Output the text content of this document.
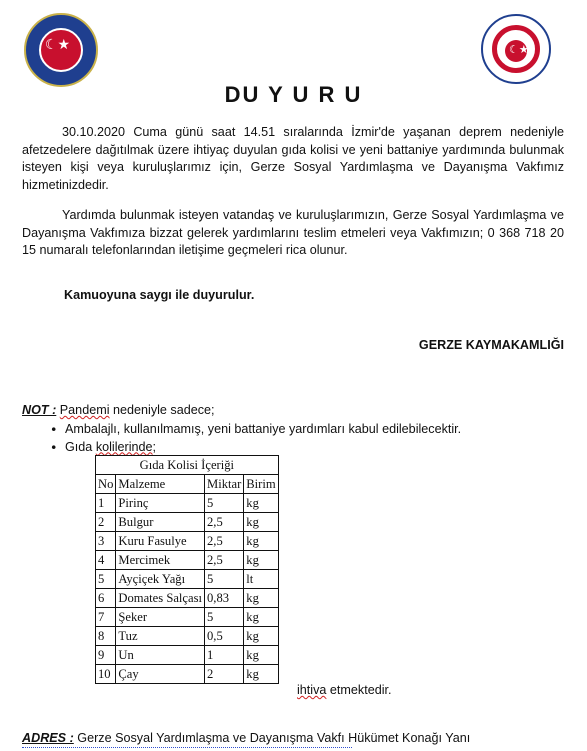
☾★	☾★
DU Y U R U

30.10.2020 Cuma günü saat 14.51 sıralarında İzmir'de yaşanan deprem nedeniyle afetzedelere dağıtılmak üzere ihtiyaç duyulan gıda kolisi ve yeni battaniye yardımında bulunmak isteyen kişi veya kuruluşlarımız için, Gerze Sosyal Yardımlaşma ve Dayanışma Vakfımız hizmetinizdedir.

Yardımda bulunmak isteyen vatandaş ve kuruluşlarımızın, Gerze Sosyal Yardımlaşma ve Dayanışma Vakfımıza bizzat gelerek yardımlarını teslim etmeleri veya Vakfımızın; 0 368 718 20 15 numaralı telefonlarından iletişime geçmeleri rica olunur.

Kamuoyuna saygı ile duyurulur.
GERZE KAYMAKAMLIĞI
NOT : Pandemi nedeniyle sadece;
• Ambalajlı, kullanılmamış, yeni battaniye yardımları kabul edilebilecektir.
• Gıda kolilerinde;
Gıda Kolisi İçeriği			
No	Malzeme	Miktar	Birim
1	Pirinç	5	kg
2	Bulgur	2,5	kg
3	Kuru Fasulye	2,5	kg
4	Mercimek	2,5	kg
5	Ayçiçek Yağı	5	lt
6	Domates Salçası	0,83	kg
7	Şeker	5	kg
8	Tuz	0,5	kg
9	Un	1	kg
10	Çay	2	kg
ihtiva etmektedir.
ADRES : Gerze Sosyal Yardımlaşma ve Dayanışma Vakfı Hükümet Konağı Yanı
